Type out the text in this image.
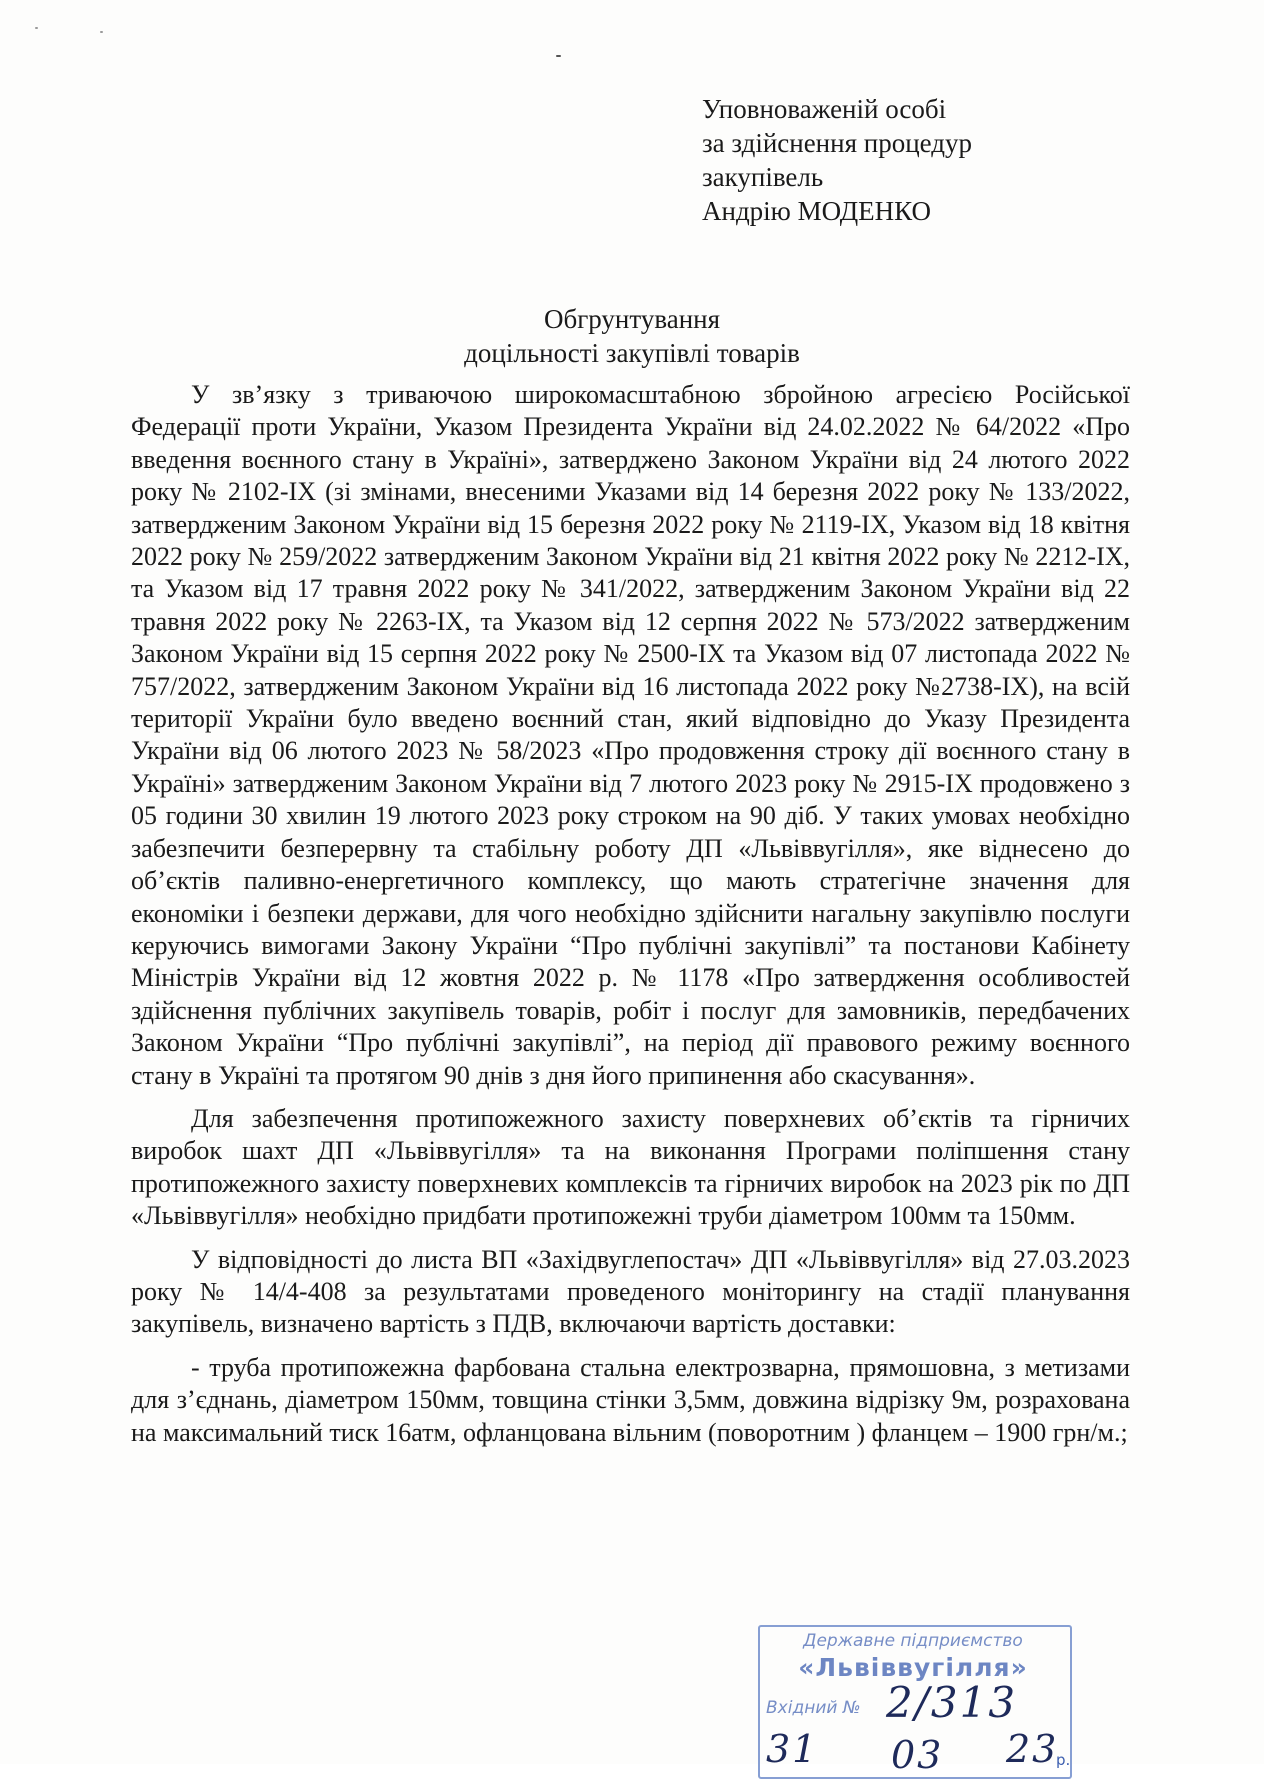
Уповноваженій особі
за здійснення процедур
закупівель
Андрію МОДЕНКО
Обгрунтування
доцільності закупівлі товарів

У зв’язку з триваючою широкомасштабною збройною агресією Російської Федерації проти України, Указом Президента України від 24.02.2022 № 64/2022 «Про введення воєнного стану в Україні», затверджено Законом України від 24 лютого 2022 року № 2102-IX (зі змінами, внесеними Указами від 14 березня 2022 року № 133/2022, затвердженим Законом України від 15 березня 2022 року № 2119-IX, Указом від 18 квітня 2022 року № 259/2022 затвердженим Законом України від 21 квітня 2022 року № 2212-IX, та Указом від 17 травня 2022 року № 341/2022, затвердженим Законом України від 22 травня 2022 року № 2263-IX, та Указом від 12 серпня 2022 № 573/2022 затвердженим Законом України від 15 серпня 2022 року № 2500-IX та Указом від 07 листопада 2022 № 757/2022, затвердженим Законом України від 16 листопада 2022 року №2738-IX), на всій території України було введено воєнний стан, який відповідно до Указу Президента України від 06 лютого 2023 № 58/2023 «Про продовження строку дії воєнного стану в Україні» затвердженим Законом України від 7 лютого 2023 року № 2915-IX продовжено з 05 години 30 хвилин 19 лютого 2023 року строком на 90 діб. У таких умовах необхідно забезпечити безперервну та стабільну роботу ДП «Львіввугілля», яке віднесено до об’єктів паливно-енергетичного комплексу, що мають стратегічне значення для економіки і безпеки держави, для чого необхідно здійснити нагальну закупівлю послуги керуючись вимогами Закону України “Про публічні закупівлі” та постанови Кабінету Міністрів України від 12 жовтня 2022 р. № 1178 «Про затвердження особливостей здійснення публічних закупівель товарів, робіт і послуг для замовників, передбачених Законом України “Про публічні закупівлі”, на період дії правового режиму воєнного стану в Україні та протягом 90 днів з дня його припинення або скасування».

Для забезпечення протипожежного захисту поверхневих об’єктів та гірничих виробок шахт ДП «Львіввугілля» та на виконання Програми поліпшення стану протипожежного захисту поверхневих комплексів та гірничих виробок на 2023 рік по ДП «Львіввугілля» необхідно придбати протипожежні труби діаметром 100мм та 150мм.

У відповідності до листа ВП «Західвуглепостач» ДП «Львіввугілля» від 27.03.2023 року № 14/4-408 за результатами проведеного моніторингу на стадії планування закупівель, визначено вартість з ПДВ, включаючи вартість доставки:

- труба протипожежна фарбована стальна електрозварна, прямошовна, з метизами для з’єднань, діаметром 150мм, товщина стінки 3,5мм, довжина відрізку 9м, розрахована на максимальний тиск 16атм, офланцована вільним (поворотним ) фланцем – 1900 грн/м.;

Державне підприємство
«Львіввугілля»
Вхідний № 2/313
31 03 23
р.
